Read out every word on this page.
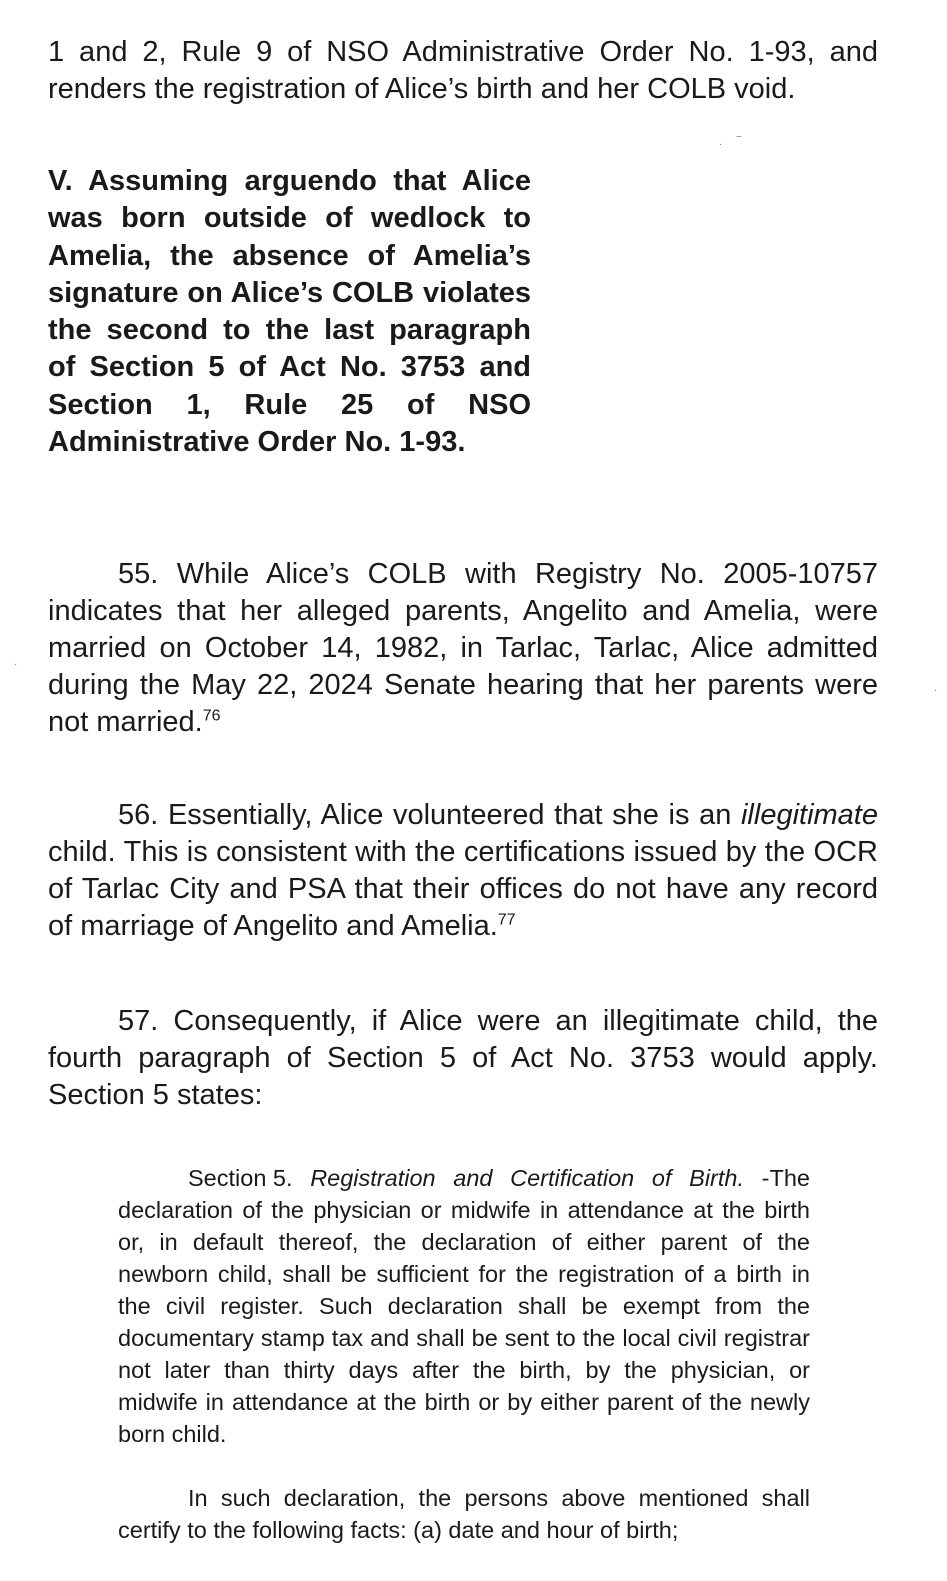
1 and 2, Rule 9 of NSO Administrative Order No. 1-93, and renders the registration of Alice’s birth and her COLB void.

V. Assuming arguendo that Alice was born outside of wedlock to Amelia, the absence of Amelia’s signature on Alice’s COLB violates the second to the last paragraph of Section 5 of Act No. 3753 and Section 1, Rule 25 of NSO Administrative Order No. 1-93.

55. While Alice’s COLB with Registry No. 2005-10757 indicates that her alleged parents, Angelito and Amelia, were married on October 14, 1982, in Tarlac, Tarlac, Alice admitted during the May 22, 2024 Senate hearing that her parents were not married.$^{76}$

56. Essentially, Alice volunteered that she is an illegitimate child. This is consistent with the certifications issued by the OCR of Tarlac City and PSA that their offices do not have any record of marriage of Angelito and Amelia.$^{77}$

57. Consequently, if Alice were an illegitimate child, the fourth paragraph of Section 5 of Act No. 3753 would apply. Section 5 states:

Section 5. Registration and Certification of Birth. -The declaration of the physician or midwife in attendance at the birth or, in default thereof, the declaration of either parent of the newborn child, shall be sufficient for the registration of a birth in the civil register. Such declaration shall be exempt from the documentary stamp tax and shall be sent to the local civil registrar not later than thirty days after the birth, by the physician, or midwife in attendance at the birth or by either parent of the newly born child.

In such declaration, the persons above mentioned shall certify to the following facts: (a) date and hour of birth;

·
~
·
·
